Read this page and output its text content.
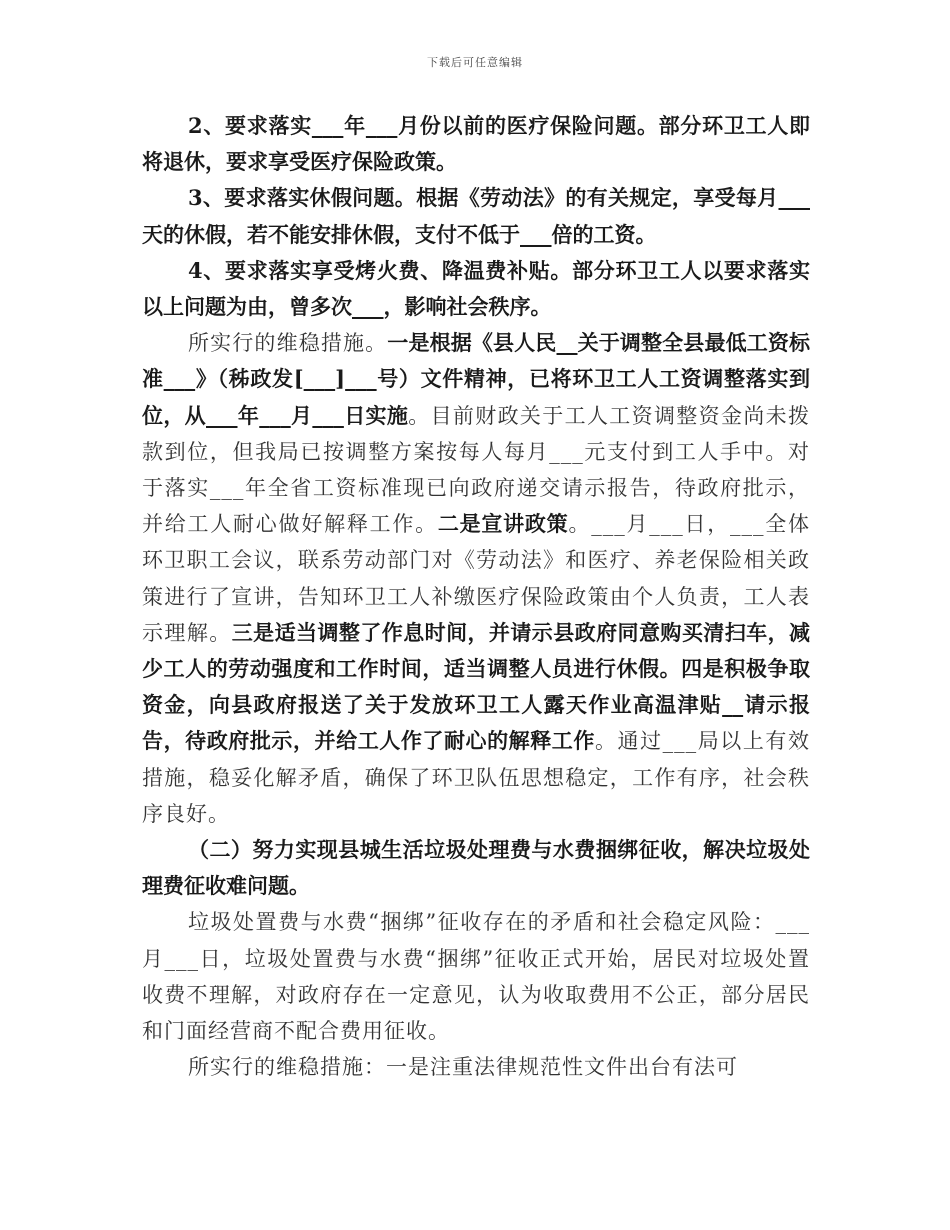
下载后可任意编辑

2、要求落实___年___月份以前的医疗保险问题。部分环卫工人即将退休，要求享受医疗保险政策。

3、要求落实休假问题。根据《劳动法》的有关规定，享受每月___天的休假，若不能安排休假，支付不低于___倍的工资。

4、要求落实享受烤火费、降温费补贴。部分环卫工人以要求落实以上问题为由，曾多次___，影响社会秩序。

所实行的维稳措施。一是根据《县人民__关于调整全县最低工资标准___》（秭政发[___]___号）文件精神，已将环卫工人工资调整落实到位，从___年___月___日实施。目前财政关于工人工资调整资金尚未拨款到位，但我局已按调整方案按每人每月___元支付到工人手中。对于落实___年全省工资标准现已向政府递交请示报告，待政府批示，并给工人耐心做好解释工作。二是宣讲政策。___月___日，___全体环卫职工会议，联系劳动部门对《劳动法》和医疗、养老保险相关政策进行了宣讲，告知环卫工人补缴医疗保险政策由个人负责，工人表示理解。三是适当调整了作息时间，并请示县政府同意购买清扫车，减少工人的劳动强度和工作时间，适当调整人员进行休假。四是积极争取资金，向县政府报送了关于发放环卫工人露天作业高温津贴__请示报告，待政府批示，并给工人作了耐心的解释工作。通过___局以上有效措施，稳妥化解矛盾，确保了环卫队伍思想稳定，工作有序，社会秩序良好。

（二）努力实现县城生活垃圾处理费与水费捆绑征收，解决垃圾处理费征收难问题。

垃圾处置费与水费“捆绑”征收存在的矛盾和社会稳定风险：___月___日，垃圾处置费与水费“捆绑”征收正式开始，居民对垃圾处置收费不理解，对政府存在一定意见，认为收取费用不公正，部分居民和门面经营商不配合费用征收。

所实行的维稳措施：一是注重法律规范性文件出台有法可
